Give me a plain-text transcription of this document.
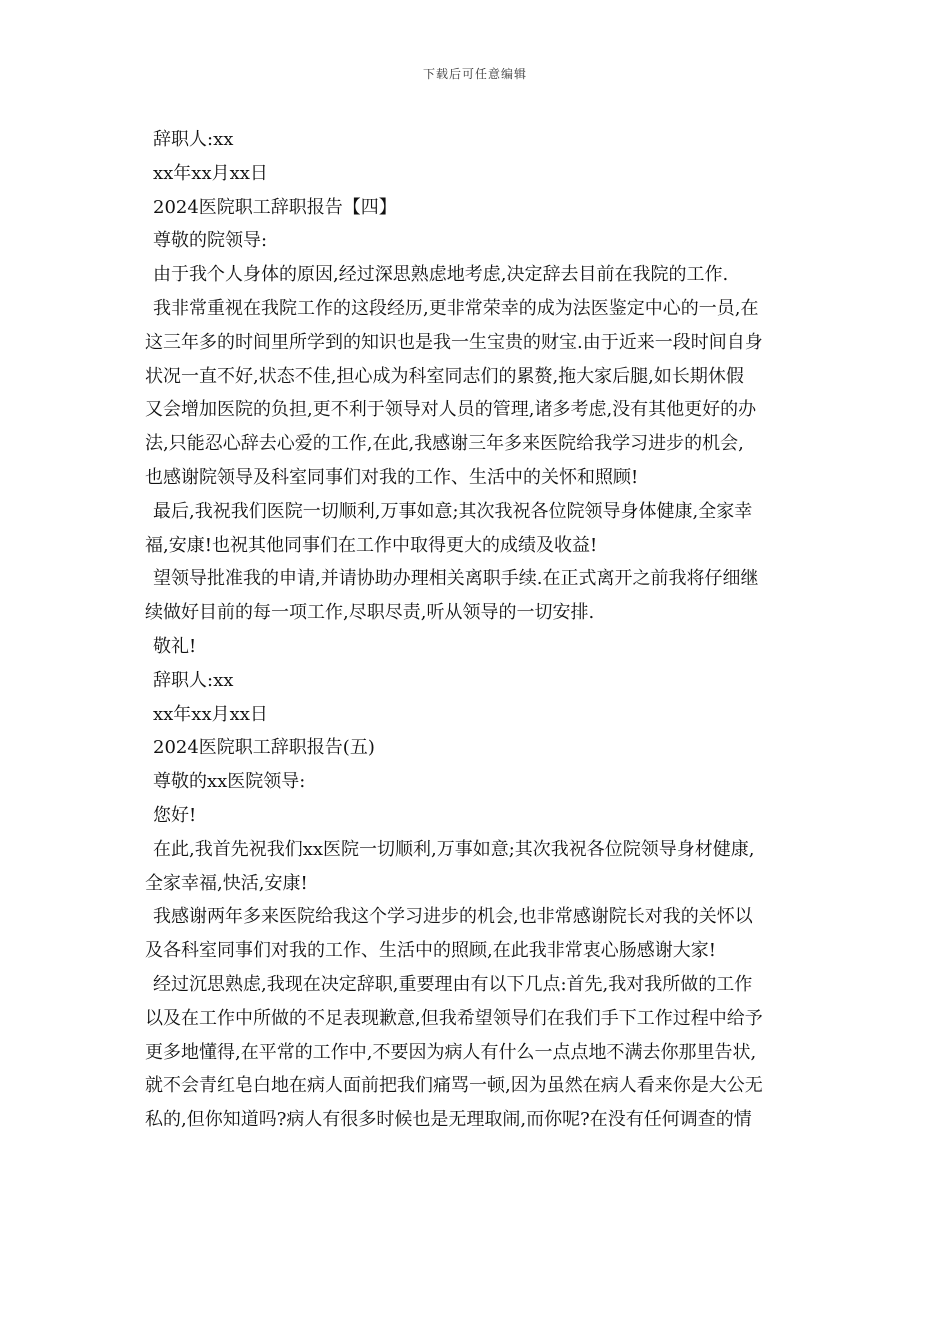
下载后可任意编辑
辞职人:xx
xx年xx月xx日
2024医院职工辞职报告【四】
尊敬的院领导:
由于我个人身体的原因,经过深思熟虑地考虑,决定辞去目前在我院的工作.
我非常重视在我院工作的这段经历,更非常荣幸的成为法医鉴定中心的一员,在
这三年多的时间里所学到的知识也是我一生宝贵的财宝.由于近来一段时间自身
状况一直不好,状态不佳,担心成为科室同志们的累赘,拖大家后腿,如长期休假
又会增加医院的负担,更不利于领导对人员的管理,诸多考虑,没有其他更好的办
法,只能忍心辞去心爱的工作,在此,我感谢三年多来医院给我学习进步的机会,
也感谢院领导及科室同事们对我的工作、生活中的关怀和照顾!
最后,我祝我们医院一切顺利,万事如意;其次我祝各位院领导身体健康,全家幸
福,安康!也祝其他同事们在工作中取得更大的成绩及收益!
望领导批准我的申请,并请协助办理相关离职手续.在正式离开之前我将仔细继
续做好目前的每一项工作,尽职尽责,听从领导的一切安排.
敬礼!
辞职人:xx
xx年xx月xx日
2024医院职工辞职报告(五)
尊敬的xx医院领导:
您好!
在此,我首先祝我们xx医院一切顺利,万事如意;其次我祝各位院领导身材健康,
全家幸福,快活,安康!
我感谢两年多来医院给我这个学习进步的机会,也非常感谢院长对我的关怀以
及各科室同事们对我的工作、生活中的照顾,在此我非常衷心肠感谢大家!
经过沉思熟虑,我现在决定辞职,重要理由有以下几点:首先,我对我所做的工作
以及在工作中所做的不足表现歉意,但我希望领导们在我们手下工作过程中给予
更多地懂得,在平常的工作中,不要因为病人有什么一点点地不满去你那里告状,
就不会青红皂白地在病人面前把我们痛骂一顿,因为虽然在病人看来你是大公无
私的,但你知道吗?病人有很多时候也是无理取闹,而你呢?在没有任何调查的情
